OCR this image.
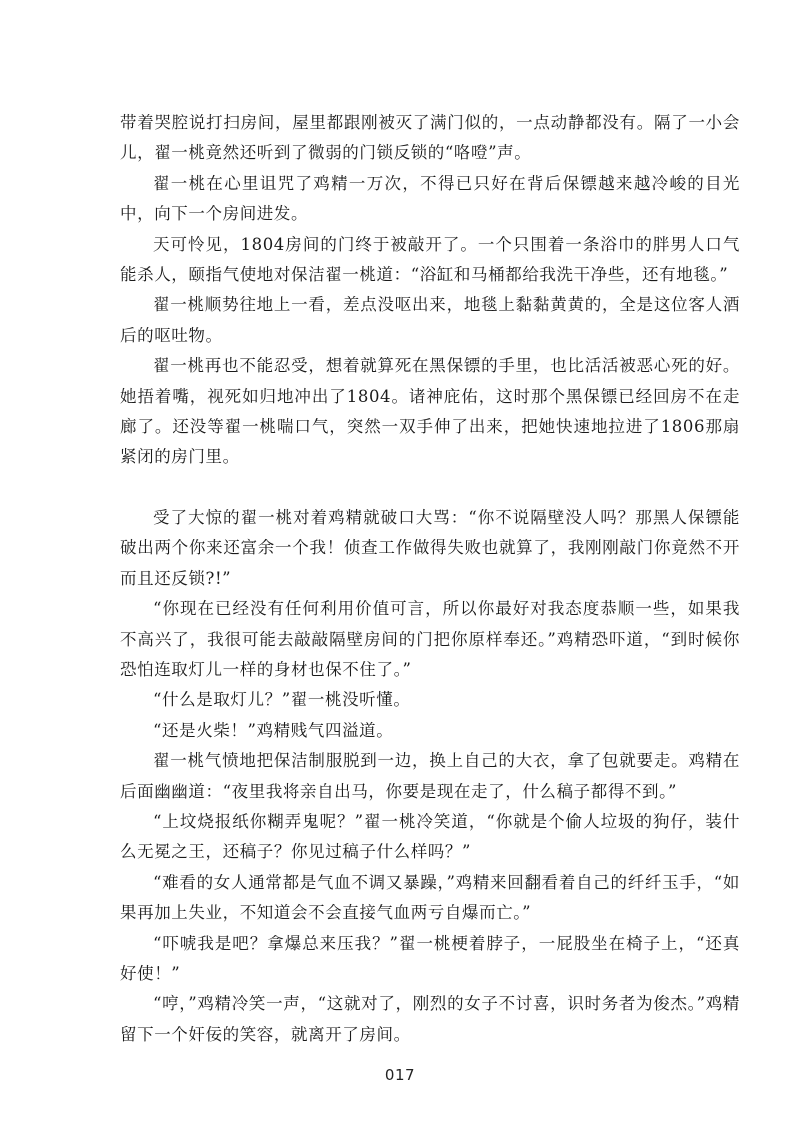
带着哭腔说打扫房间，屋里都跟刚被灭了满门似的，一点动静都没有。隔了一小会儿，翟一桃竟然还听到了微弱的门锁反锁的“咯噔”声。

翟一桃在心里诅咒了鸡精一万次，不得已只好在背后保镖越来越冷峻的目光中，向下一个房间进发。

天可怜见，1804房间的门终于被敲开了。一个只围着一条浴巾的胖男人口气能杀人，颐指气使地对保洁翟一桃道：“浴缸和马桶都给我洗干净些，还有地毯。”

翟一桃顺势往地上一看，差点没呕出来，地毯上黏黏黄黄的，全是这位客人酒后的呕吐物。

翟一桃再也不能忍受，想着就算死在黑保镖的手里，也比活活被恶心死的好。她捂着嘴，视死如归地冲出了1804。诸神庇佑，这时那个黑保镖已经回房不在走廊了。还没等翟一桃喘口气，突然一双手伸了出来，把她快速地拉进了1806那扇紧闭的房门里。

受了大惊的翟一桃对着鸡精就破口大骂：“你不说隔壁没人吗？那黑人保镖能破出两个你来还富余一个我！侦查工作做得失败也就算了，我刚刚敲门你竟然不开而且还反锁?!”

“你现在已经没有任何利用价值可言，所以你最好对我态度恭顺一些，如果我不高兴了，我很可能去敲敲隔壁房间的门把你原样奉还。”鸡精恐吓道，“到时候你恐怕连取灯儿一样的身材也保不住了。”

“什么是取灯儿？”翟一桃没听懂。

“还是火柴！”鸡精贱气四溢道。

翟一桃气愤地把保洁制服脱到一边，换上自己的大衣，拿了包就要走。鸡精在后面幽幽道：“夜里我将亲自出马，你要是现在走了，什么稿子都得不到。”

“上坟烧报纸你糊弄鬼呢？”翟一桃冷笑道，“你就是个偷人垃圾的狗仔，装什么无冕之王，还稿子？你见过稿子什么样吗？”

“难看的女人通常都是气血不调又暴躁，”鸡精来回翻看着自己的纤纤玉手，“如果再加上失业，不知道会不会直接气血两亏自爆而亡。”

“吓唬我是吧？拿爆总来压我？”翟一桃梗着脖子，一屁股坐在椅子上，“还真好使！”

“哼，”鸡精冷笑一声，“这就对了，刚烈的女子不讨喜，识时务者为俊杰。”鸡精留下一个奸佞的笑容，就离开了房间。

017
